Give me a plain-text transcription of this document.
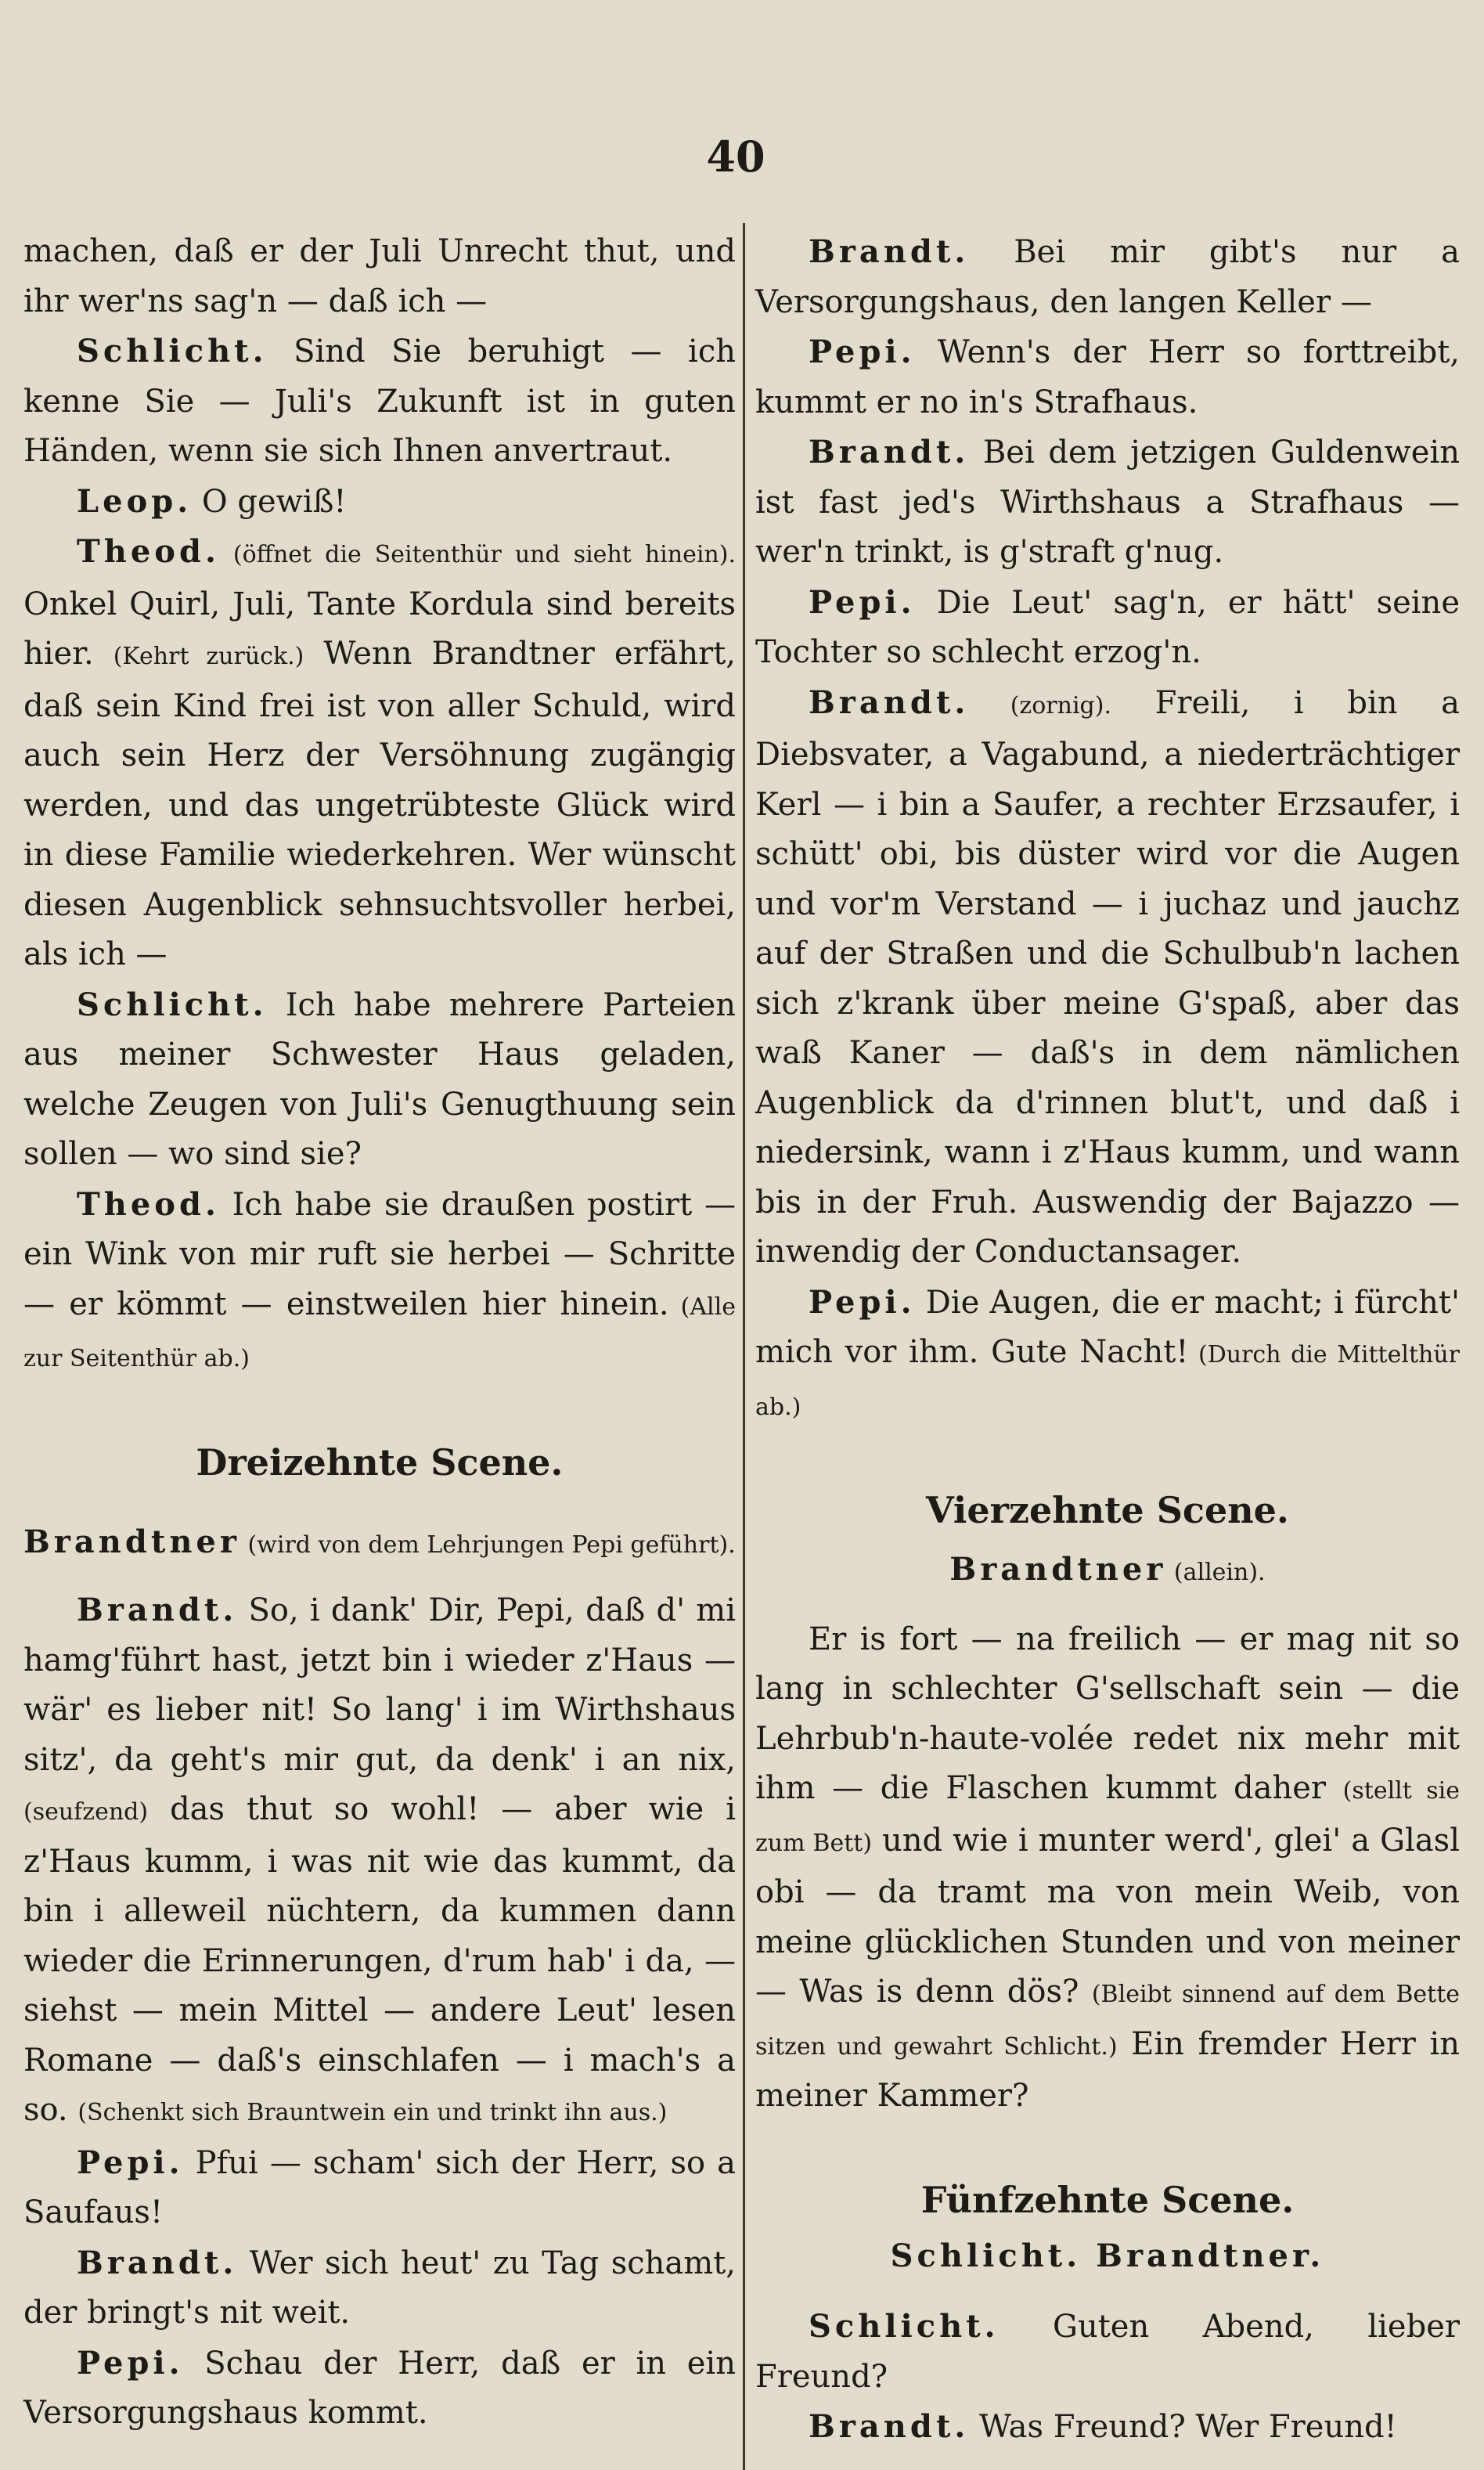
40

machen, daß er der Juli Unrecht thut, und ihr wer'ns sag'n — daß ich —

Schlicht. Sind Sie beruhigt — ich kenne Sie — Juli's Zukunft ist in guten Händen, wenn sie sich Ihnen anvertraut.

Leop. O gewiß!

Theod. (öffnet die Seitenthür und sieht hinein). Onkel Quirl, Juli, Tante Kordula sind bereits hier. (Kehrt zurück.) Wenn Brandtner erfährt, daß sein Kind frei ist von aller Schuld, wird auch sein Herz der Versöhnung zugängig werden, und das ungetrübteste Glück wird in diese Familie wiederkehren. Wer wünscht diesen Augenblick sehnsuchtsvoller herbei, als ich —

Schlicht. Ich habe mehrere Parteien aus meiner Schwester Haus geladen, welche Zeugen von Juli's Genugthuung sein sollen — wo sind sie?

Theod. Ich habe sie draußen postirt — ein Wink von mir ruft sie herbei — Schritte — er kömmt — einstweilen hier hinein. (Alle zur Seitenthür ab.)

Dreizehnte Scene.

Brandtner (wird von dem Lehrjungen Pepi geführt).

Brandt. So, i dank' Dir, Pepi, daß d' mi hamg'führt hast, jetzt bin i wieder z'Haus — wär' es lieber nit! So lang' i im Wirthshaus sitz', da geht's mir gut, da denk' i an nix, (seufzend) das thut so wohl! — aber wie i z'Haus kumm, i was nit wie das kummt, da bin i alleweil nüchtern, da kummen dann wieder die Erinnerungen, d'rum hab' i da, — siehst — mein Mittel — andere Leut' lesen Romane — daß's einschlafen — i mach's a so. (Schenkt sich Brauntwein ein und trinkt ihn aus.)

Pepi. Pfui — scham' sich der Herr, so a Saufaus!

Brandt. Wer sich heut' zu Tag schamt, der bringt's nit weit.

Pepi. Schau der Herr, daß er in ein Versorgungshaus kommt.

Brandt. Bei mir gibt's nur a Versorgungshaus, den langen Keller —

Pepi. Wenn's der Herr so forttreibt, kummt er no in's Strafhaus.

Brandt. Bei dem jetzigen Guldenwein ist fast jed's Wirthshaus a Strafhaus — wer'n trinkt, is g'straft g'nug.

Pepi. Die Leut' sag'n, er hätt' seine Tochter so schlecht erzog'n.

Brandt. (zornig). Freili, i bin a Diebsvater, a Vagabund, a niederträchtiger Kerl — i bin a Saufer, a rechter Erzsaufer, i schütt' obi, bis düster wird vor die Augen und vor'm Verstand — i juchaz und jauchz auf der Straßen und die Schulbub'n lachen sich z'krank über meine G'spaß, aber das waß Kaner — daß's in dem nämlichen Augenblick da d'rinnen blut't, und daß i niedersink, wann i z'Haus kumm, und wann bis in der Fruh. Auswendig der Bajazzo — inwendig der Conductansager.

Pepi. Die Augen, die er macht; i fürcht' mich vor ihm. Gute Nacht! (Durch die Mittelthür ab.)

Vierzehnte Scene.

Brandtner (allein).

Er is fort — na freilich — er mag nit so lang in schlechter G'sellschaft sein — die Lehrbub'n-haute-volée redet nix mehr mit ihm — die Flaschen kummt daher (stellt sie zum Bett) und wie i munter werd', glei' a Glasl obi — da tramt ma von mein Weib, von meine glücklichen Stunden und von meiner — Was is denn dös? (Bleibt sinnend auf dem Bette sitzen und gewahrt Schlicht.) Ein fremder Herr in meiner Kammer?

Fünfzehnte Scene.

Schlicht. Brandtner.

Schlicht. Guten Abend, lieber Freund?

Brandt. Was Freund? Wer Freund!
